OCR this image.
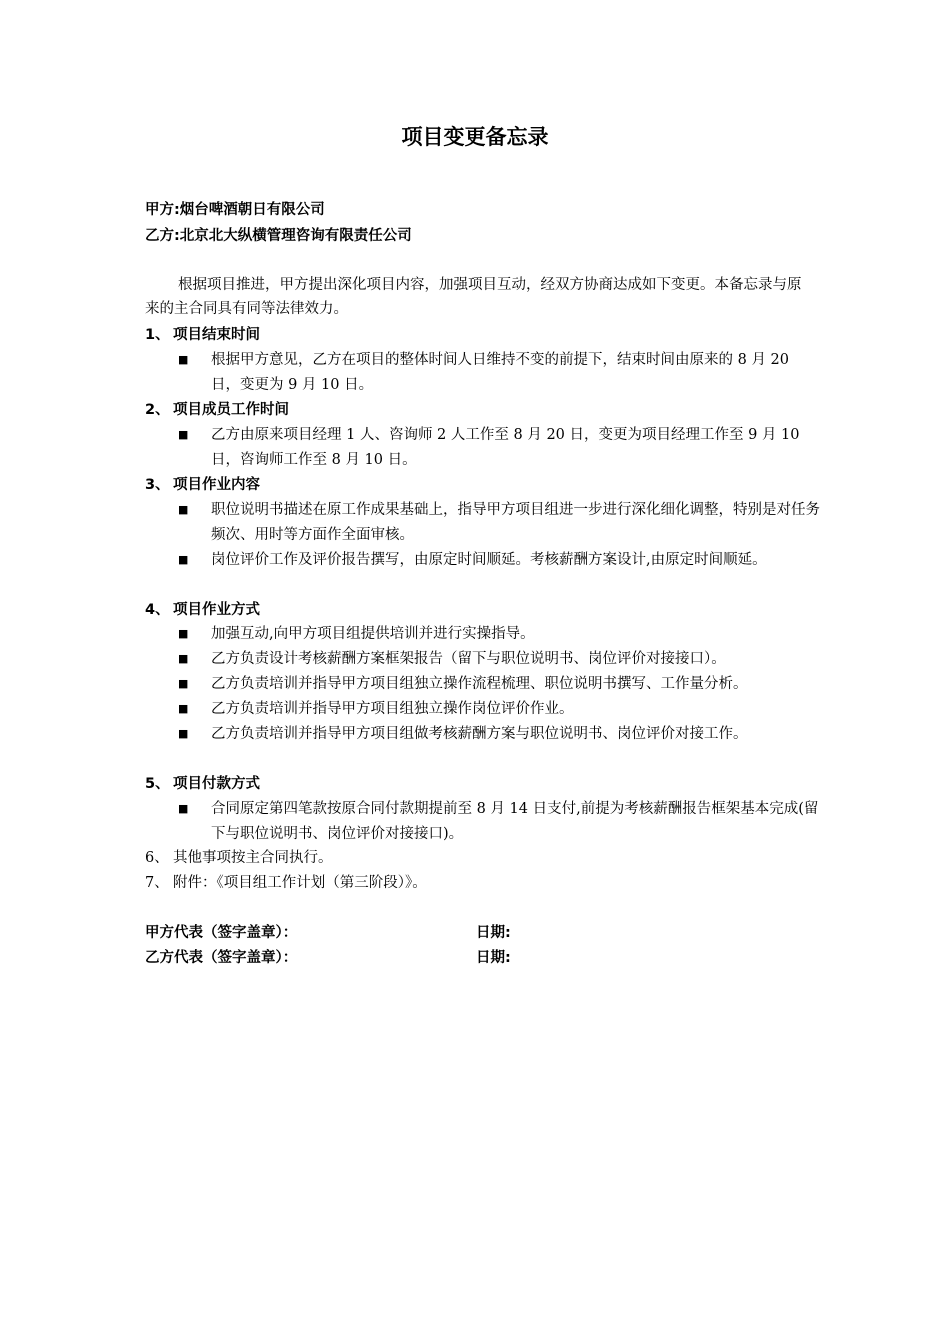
项目变更备忘录
甲方:烟台啤酒朝日有限公司
乙方:北京北大纵横管理咨询有限责任公司
根据项目推进，甲方提出深化项目内容，加强项目互动，经双方协商达成如下变更。本备忘录与原来的主合同具有同等法律效力。
1、 项目结束时间
■ 根据甲方意见，乙方在项目的整体时间人日维持不变的前提下，结束时间由原来的 8 月 20 日，变更为 9 月 10 日。
2、 项目成员工作时间
■ 乙方由原来项目经理 1 人、咨询师 2 人工作至 8 月 20 日，变更为项目经理工作至 9 月 10 日，咨询师工作至 8 月 10 日。
3、 项目作业内容
■ 职位说明书描述在原工作成果基础上，指导甲方项目组进一步进行深化细化调整，特别是对任务频次、用时等方面作全面审核。
■ 岗位评价工作及评价报告撰写，由原定时间顺延。考核薪酬方案设计,由原定时间顺延。
4、 项目作业方式
■ 加强互动,向甲方项目组提供培训并进行实操指导。
■ 乙方负责设计考核薪酬方案框架报告（留下与职位说明书、岗位评价对接接口）。
■ 乙方负责培训并指导甲方项目组独立操作流程梳理、职位说明书撰写、工作量分析。
■ 乙方负责培训并指导甲方项目组独立操作岗位评价作业。
■ 乙方负责培训并指导甲方项目组做考核薪酬方案与职位说明书、岗位评价对接工作。
5、 项目付款方式
■ 合同原定第四笔款按原合同付款期提前至 8 月 14 日支付,前提为考核薪酬报告框架基本完成(留下与职位说明书、岗位评价对接接口)。
6、 其他事项按主合同执行。
7、 附件：《项目组工作计划（第三阶段）》。
甲方代表（签字盖章）：	日期:
乙方代表（签字盖章）：	日期:
